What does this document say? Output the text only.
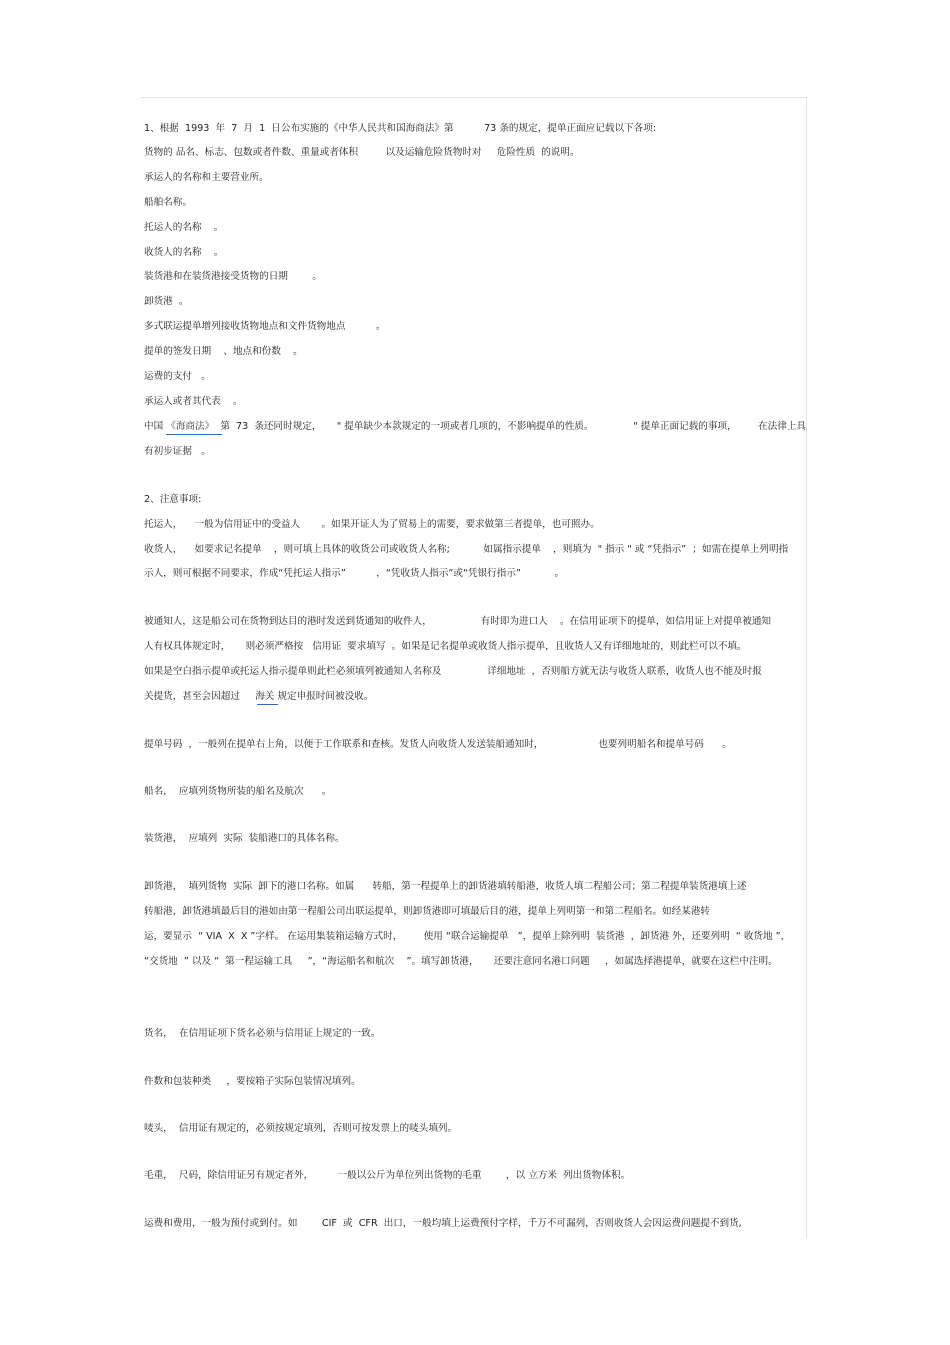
1、根据  1993  年  7  月  1  日公布实施的《中华人民共和国海商法》第          73 条的规定，提单正面应记载以下各项:
货物的 品名、标志、包数或者件数、重量或者体积         以及运输危险货物时对     危险性质  的说明。
承运人的名称和主要营业所。
船舶名称。
托运人的名称    。
收货人的名称    。
装货港和在装货港接受货物的日期        。
卸货港  。
多式联运提单增列接收货物地点和文件货物地点          。
提单的签发日期    、地点和份数    。
运费的支付   。
承运人或者其代表    。
中国 《海商法》  第  73  条还同时规定，     " 提单缺少本款规定的一项或者几项的，不影响提单的性质。             " 提单正面记载的事项，       在法律上具
有初步证据   。
2、注意事项:
托运人，    一般为信用证中的受益人       。如果开证人为了贸易上的需要，要求做第三者提单，也可照办。
收货人，    如要求记名提单    ，则可填上具体的收货公司或收货人名称;           如属指示提单    ，则填为  " 指示 " 或 “凭指示”  ；如需在提单上列明指
示人，则可根据不同要求，作成“凭托运人指示”          ，“凭收货人指示”或“凭银行指示”           。
被通知人，这是船公司在货物到达目的港时发送到货通知的收件人，                有时即为进口人    。在信用证项下的提单，如信用证上对提单被通知
人有权具体规定时，     则必须严格按   信用证  要求填写  。如果是记名提单或收货人指示提单，且收货人又有详细地址的，则此栏可以不填。
如果是空白指示提单或托运人指示提单则此栏必须填列被通知人名称及               详细地址  ，否则船方就无法与收货人联系，收货人也不能及时报
关提货，甚至会因超过     海关 规定申报时间被没收。
提单号码  ，一般列在提单右上角，以便于工作联系和查核。发货人向收货人发送装船通知时，                  也要列明船名和提单号码      。
船名，  应填列货物所装的船名及航次      。
装货港，  应填列  实际  装船港口的具体名称。
卸货港，  填列货物  实际  卸下的港口名称。如属      转船，第一程提单上的卸货港填转船港，收货人填二程船公司；第二程提单装货港填上述
转船港，卸货港填最后目的港如由第一程船公司出联运提单，则卸货港即可填最后目的港，提单上列明第一和第二程船名。如经某港转
运，要显示  “ VIA  X  X ”字样。 在运用集装箱运输方式时，       使用 “联合运输提单   ”，提单上除列明  装货港  ，卸货港 外，还要列明  “ 收货地 ”，
“交货地  ” 以及 “  第一程运输工具     ”，“海运船名和航次    ”。填写卸货港，     还要注意同名港口问题     ，如属选择港提单，就要在这栏中注明。
货名，  在信用证项下货名必须与信用证上规定的一致。
件数和包装种类     ，要按箱子实际包装情况填列。
唛头，  信用证有规定的，必须按规定填列，否则可按发票上的唛头填列。
毛重，  尺码，除信用证另有规定者外，        一般以公斤为单位列出货物的毛重        ，以 立方米  列出货物体积。
运费和费用，一般为预付或到付。如        CIF  或  CFR  出口，一般均填上运费预付字样，千万不可漏列，否则收货人会因运费问题提不到货,
